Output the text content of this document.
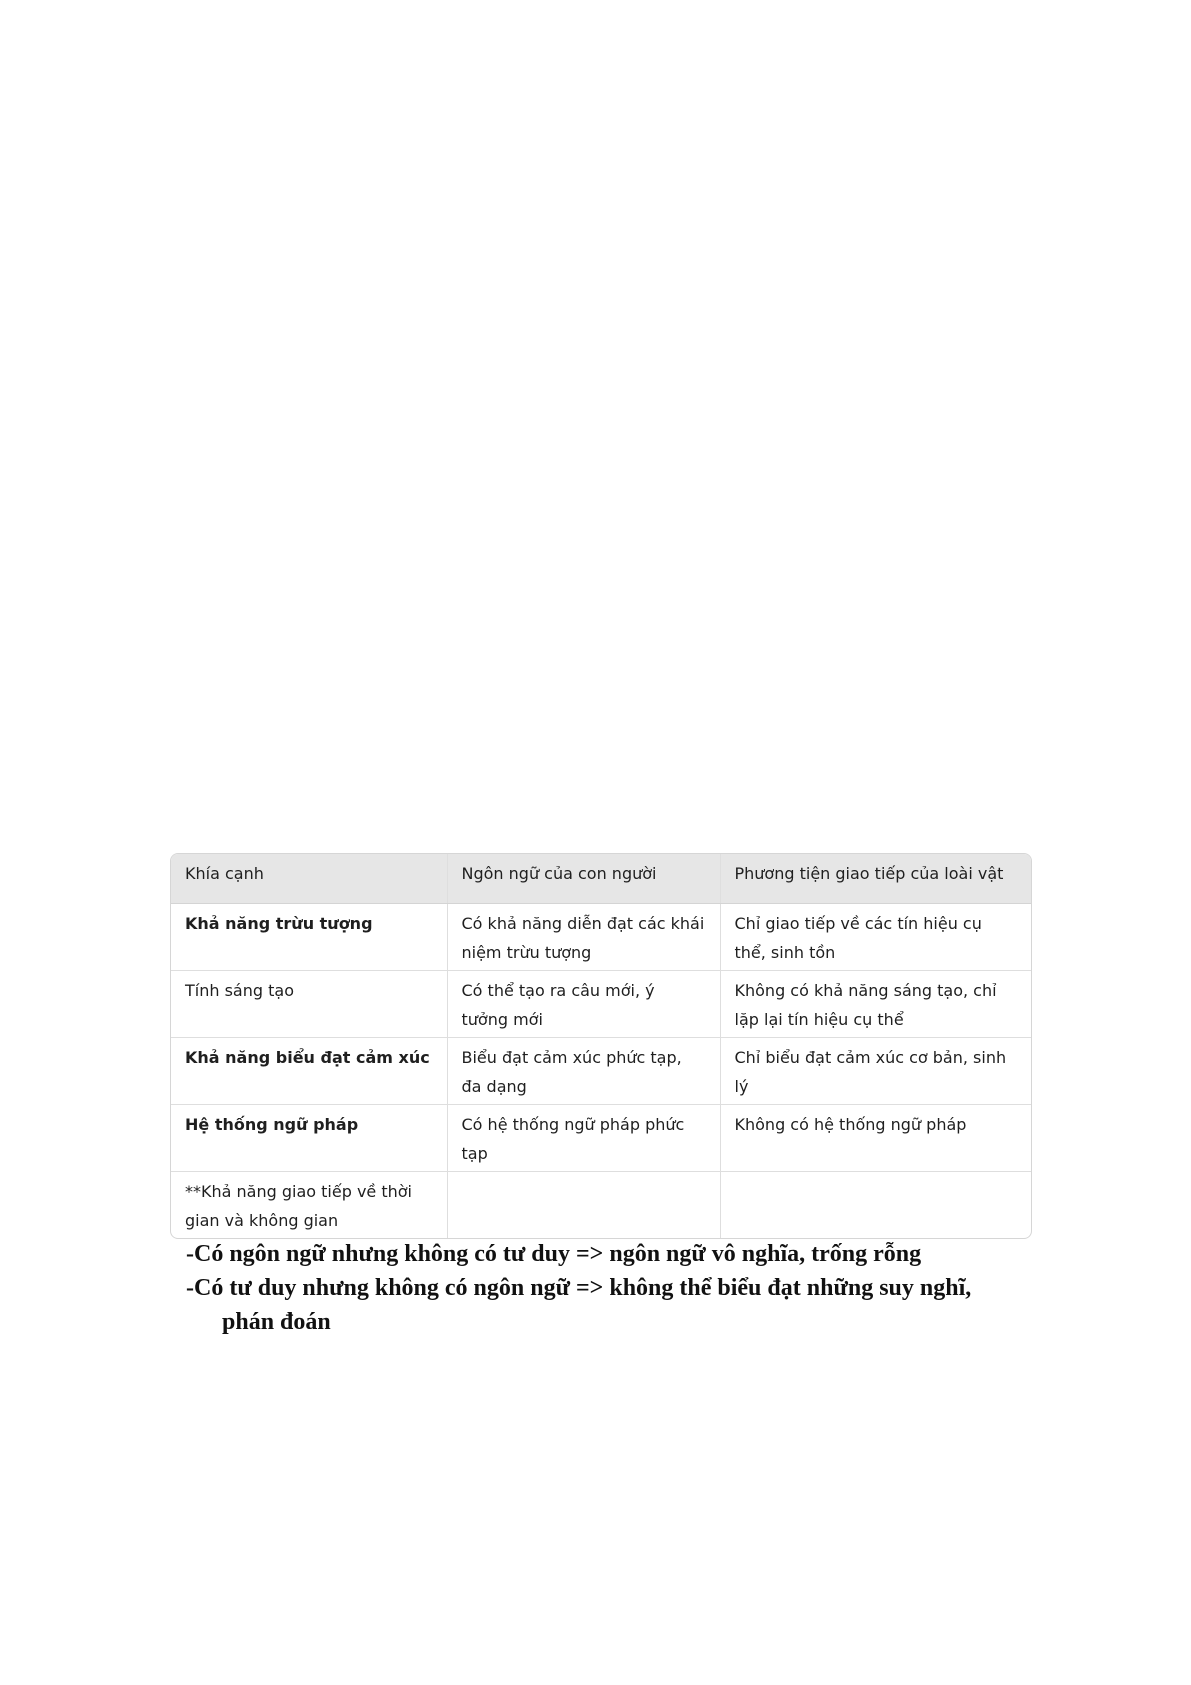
Khía cạnh	Ngôn ngữ của con người	Phương tiện giao tiếp của loài vật
Khả năng trừu tượng	Có khả năng diễn đạt các khái niệm trừu tượng	Chỉ giao tiếp về các tín hiệu cụ thể, sinh tồn
Tính sáng tạo	Có thể tạo ra câu mới, ý tưởng mới	Không có khả năng sáng tạo, chỉ lặp lại tín hiệu cụ thể
Khả năng biểu đạt cảm xúc	Biểu đạt cảm xúc phức tạp, đa dạng	Chỉ biểu đạt cảm xúc cơ bản, sinh lý
Hệ thống ngữ pháp	Có hệ thống ngữ pháp phức tạp	Không có hệ thống ngữ pháp
**Khả năng giao tiếp về thời gian và không gian		

-Có ngôn ngữ nhưng không có tư duy => ngôn ngữ vô nghĩa, trống rỗng

-Có tư duy nhưng không có ngôn ngữ => không thể biểu đạt những suy nghĩ,
phán đoán
